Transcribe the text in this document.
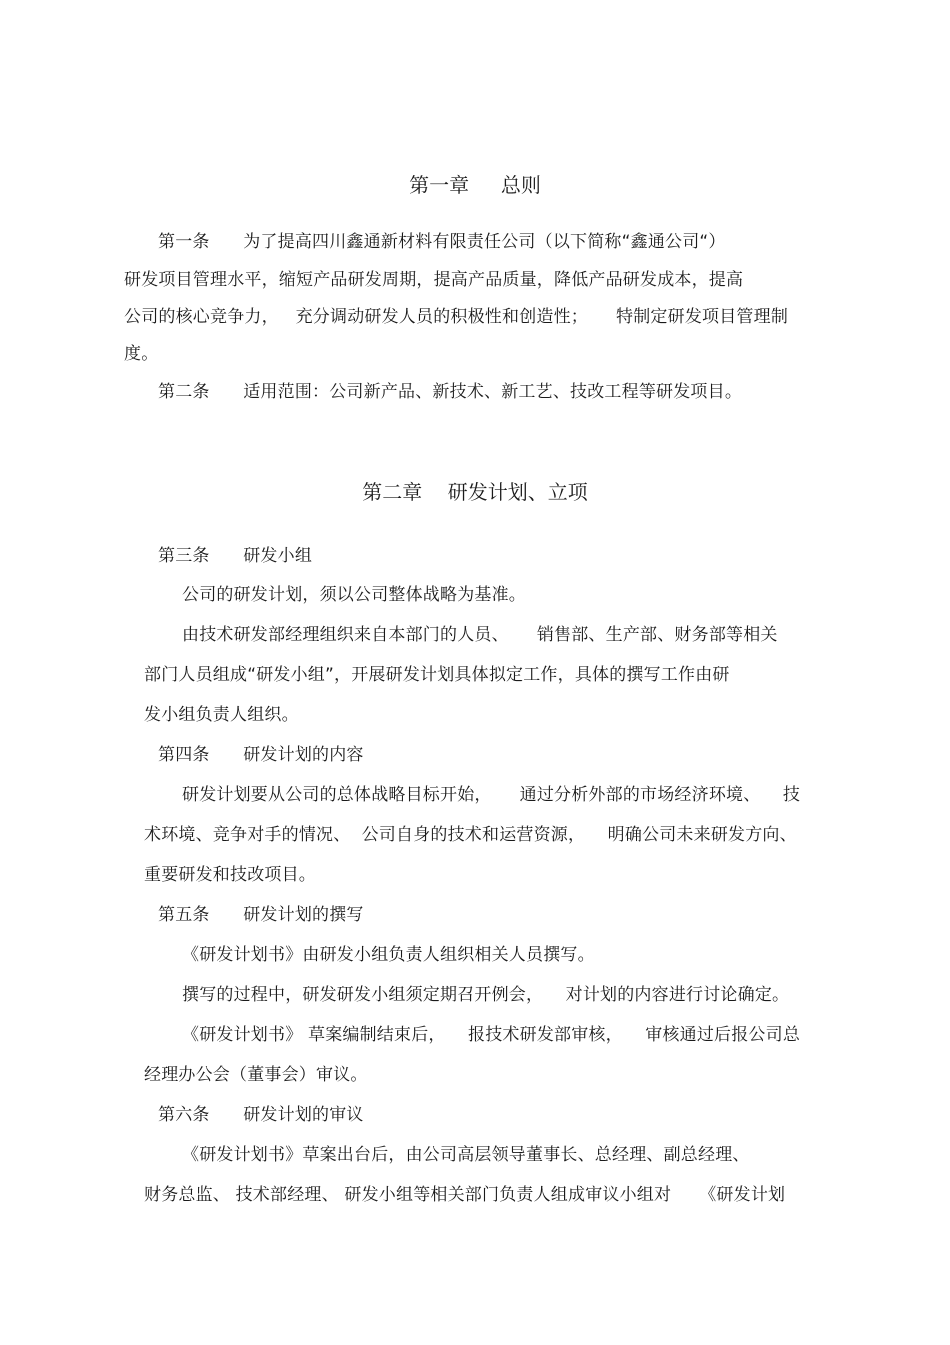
第一章     总则
第一条      为了提高四川鑫通新材料有限责任公司（以下简称“鑫通公司“）
研发项目管理水平，缩短产品研发周期，提高产品质量，降低产品研发成本，提高
公司的核心竞争力，   充分调动研发人员的积极性和创造性；     特制定研发项目管理制
度。
第二条      适用范围：公司新产品、新技术、新工艺、技改工程等研发项目。
第二章    研发计划、立项
第三条      研发小组
公司的研发计划，须以公司整体战略为基准。
由技术研发部经理组织来自本部门的人员、     销售部、生产部、财务部等相关
部门人员组成“研发小组”，开展研发计划具体拟定工作，具体的撰写工作由研
发小组负责人组织。
第四条      研发计划的内容
研发计划要从公司的总体战略目标开始，     通过分析外部的市场经济环境、    技
术环境、竞争对手的情况、  公司自身的技术和运营资源，    明确公司未来研发方向、
重要研发和技改项目。
第五条      研发计划的撰写
《研发计划书》由研发小组负责人组织相关人员撰写。
撰写的过程中，研发研发小组须定期召开例会，    对计划的内容进行讨论确定。
《研发计划书》 草案编制结束后，    报技术研发部审核，    审核通过后报公司总
经理办公会（董事会）审议。
第六条      研发计划的审议
《研发计划书》草案出台后，由公司高层领导董事长、总经理、副总经理、
财务总监、 技术部经理、 研发小组等相关部门负责人组成审议小组对     《研发计划
